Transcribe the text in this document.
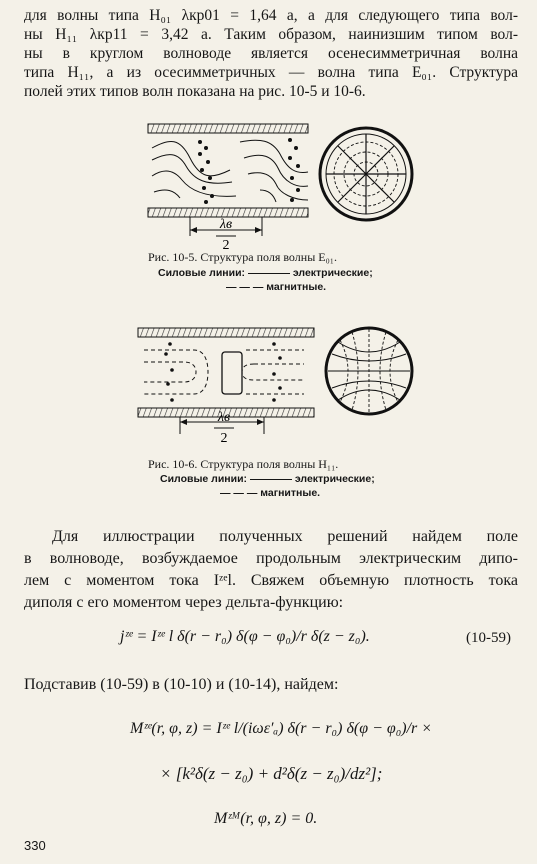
для волны типа H₀₁ λкр01 = 1,64 a, а для следующего типа вол-
ны H₁₁ λкр11 = 3,42 a. Таким образом, наинизшим типом вол-
ны в круглом волноводе является осенесимметричная волна
типа H₁₁, а из осесимметричных — волна типа E₀₁. Структура
полей этих типов волн показана на рис. 10-5 и 10-6.
λв
2
Рис. 10-5. Структура поля волны E₀₁.
Силовые линии: ———— электрические;
— — — магнитные.
λв
2
Рис. 10-6. Структура поля волны H₁₁.
Силовые линии: ———— электрические;
— — — магнитные.
Для иллюстрации полученных решений найдем поле
в волноводе, возбуждаемое продольным электрическим дипо-
лем с моментом тока Iᶻᵉl. Свяжем объемную плотность тока
диполя с его моментом через дельта-функцию:
jᶻᵉ = Iᶻᵉ l δ(r − r₀) δ(φ − φ₀)/r δ(z − z₀).	(10-59)
Подставив (10-59) в (10-10) и (10-14), найдем:
Mᶻᵉ(r, φ, z) = Iᶻᵉ l/(iωε′ₐ) δ(r − r₀) δ(φ − φ₀)/r ×
× [k²δ(z − z₀) + d²δ(z − z₀)/dz²];
Mᶻᴹ(r, φ, z) = 0.
330
